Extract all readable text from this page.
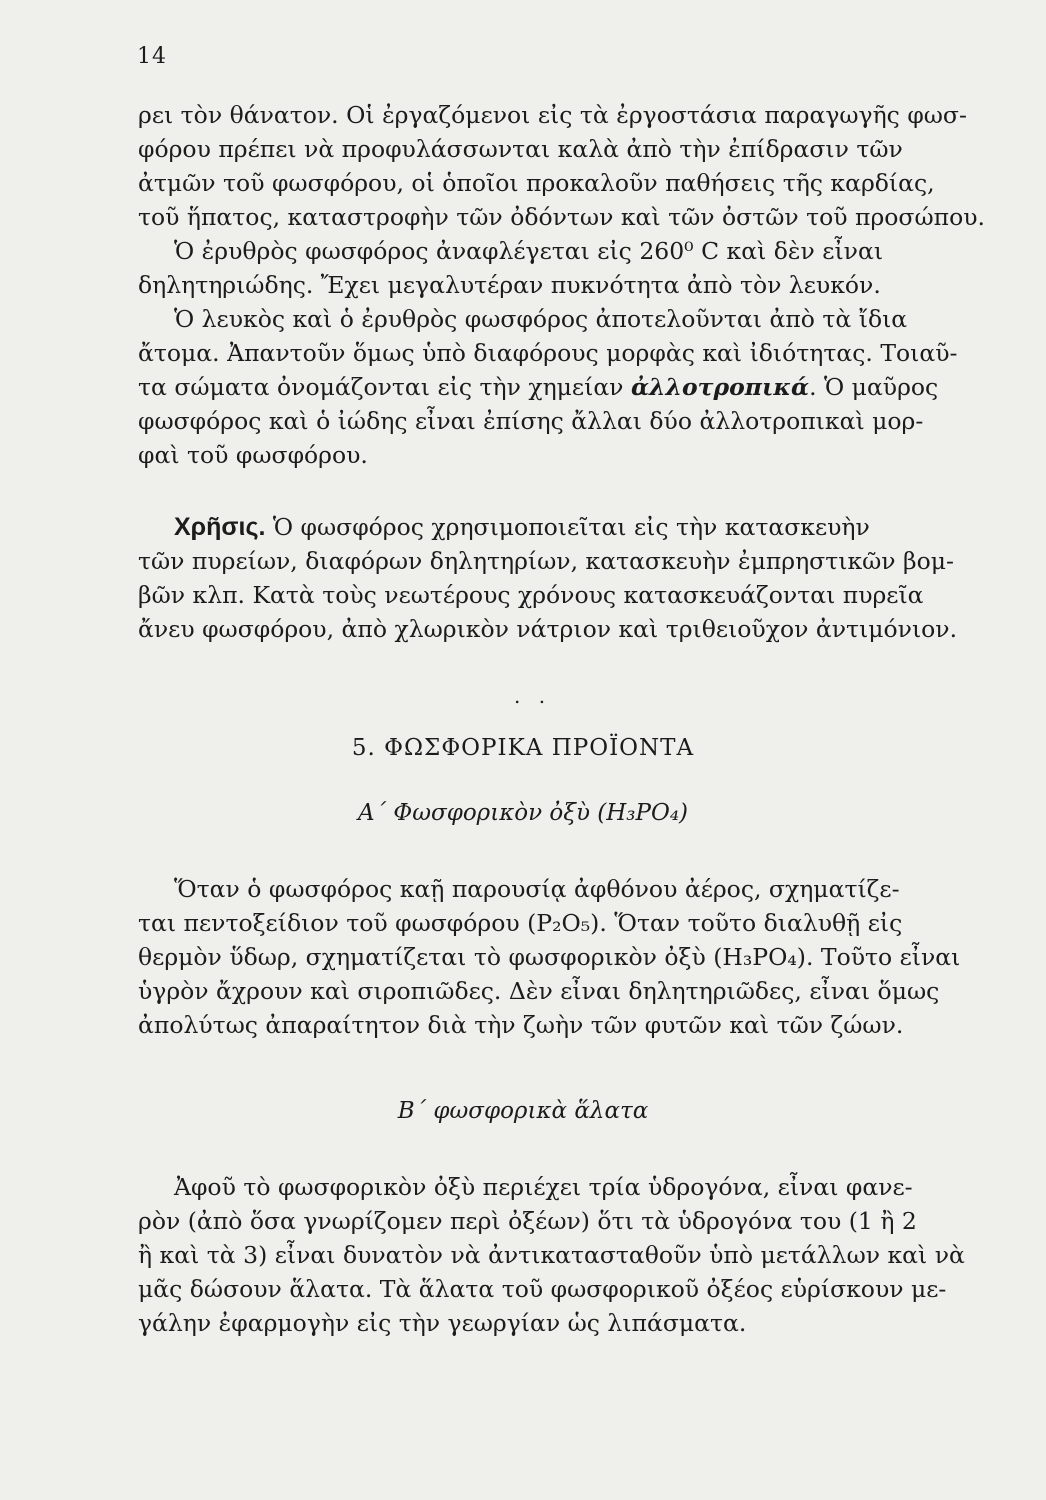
14

ρει τὸν θάνατον. Οἱ ἐργαζόμενοι εἰς τὰ ἐργοστάσια παραγωγῆς φωσ-
φόρου πρέπει νὰ προφυλάσσωνται καλὰ ἀπὸ τὴν ἐπίδρασιν τῶν
ἀτμῶν τοῦ φωσφόρου, οἱ ὁποῖοι προκαλοῦν παθήσεις τῆς καρδίας,
τοῦ ἥπατος, καταστροφὴν τῶν ὀδόντων καὶ τῶν ὀστῶν τοῦ προσώπου.

Ὁ ἐρυθρὸς φωσφόρος ἀναφλέγεται εἰς 260⁰ C καὶ δὲν εἶναι
δηλητηριώδης. Ἔχει μεγαλυτέραν πυκνότητα ἀπὸ τὸν λευκόν.

Ὁ λευκὸς καὶ ὁ ἐρυθρὸς φωσφόρος ἀποτελοῦνται ἀπὸ τὰ ἴδια
ἄτομα. Ἀπαντοῦν ὅμως ὑπὸ διαφόρους μορφὰς καὶ ἰδιότητας. Τοιαῦ-
τα σώματα ὀνομάζονται εἰς τὴν χημείαν ἀλλοτροπικά. Ὁ μαῦρος
φωσφόρος καὶ ὁ ἰώδης εἶναι ἐπίσης ἄλλαι δύο ἀλλοτροπικαὶ μορ-
φαὶ τοῦ φωσφόρου.

Χρῆσις. Ὁ φωσφόρος χρησιμοποιεῖται εἰς τὴν κατασκευὴν
τῶν πυρείων, διαφόρων δηλητηρίων, κατασκευὴν ἐμπρηστικῶν βομ-
βῶν κλπ. Κατὰ τοὺς νεωτέρους χρόνους κατασκευάζονται πυρεῖα
ἄνευ φωσφόρου, ἀπὸ χλωρικὸν νάτριον καὶ τριθειοῦχον ἀντιμόνιον.

. .
5. ΦΩΣΦΟΡΙΚΑ ΠΡΟΪΟΝΤΑ
Α΄ Φωσφορικὸν ὀξὺ (H₃PO₄)

Ὅταν ὁ φωσφόρος καῇ παρουσίᾳ ἀφθόνου ἀέρος, σχηματίζε-
ται πεντοξείδιον τοῦ φωσφόρου (P₂O₅). Ὅταν τοῦτο διαλυθῇ εἰς
θερμὸν ὕδωρ, σχηματίζεται τὸ φωσφορικὸν ὀξὺ (H₃PO₄). Τοῦτο εἶναι
ὑγρὸν ἄχρουν καὶ σιροπιῶδες. Δὲν εἶναι δηλητηριῶδες, εἶναι ὅμως
ἀπολύτως ἀπαραίτητον διὰ τὴν ζωὴν τῶν φυτῶν καὶ τῶν ζώων.

Β΄ φωσφορικὰ ἅλατα

Ἀφοῦ τὸ φωσφορικὸν ὀξὺ περιέχει τρία ὑδρογόνα, εἶναι φανε-
ρὸν (ἀπὸ ὅσα γνωρίζομεν περὶ ὀξέων) ὅτι τὰ ὑδρογόνα του (1 ἢ 2
ἢ καὶ τὰ 3) εἶναι δυνατὸν νὰ ἀντικατασταθοῦν ὑπὸ μετάλλων καὶ νὰ
μᾶς δώσουν ἅλατα. Τὰ ἅλατα τοῦ φωσφορικοῦ ὀξέος εὑρίσκουν με-
γάλην ἐφαρμογὴν εἰς τὴν γεωργίαν ὡς λιπάσματα.
